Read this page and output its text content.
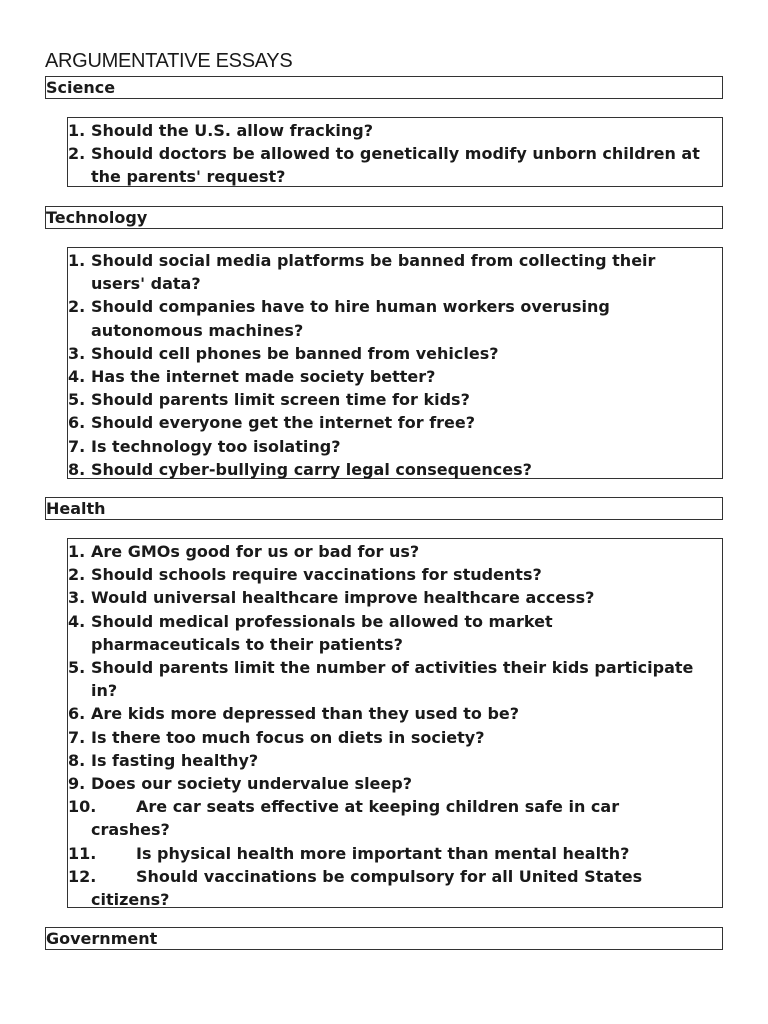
ARGUMENTATIVE ESSAYS
Science
1. Should the U.S. allow fracking?
2. Should doctors be allowed to genetically modify unborn children at
the parents' request?
Technology
1. Should social media platforms be banned from collecting their
users' data?
2. Should companies have to hire human workers overusing
autonomous machines?
3. Should cell phones be banned from vehicles?
4. Has the internet made society better?
5. Should parents limit screen time for kids?
6. Should everyone get the internet for free?
7. Is technology too isolating?
8. Should cyber-bullying carry legal consequences?
Health
1. Are GMOs good for us or bad for us?
2. Should schools require vaccinations for students?
3. Would universal healthcare improve healthcare access?
4. Should medical professionals be allowed to market
pharmaceuticals to their patients?
5. Should parents limit the number of activities their kids participate
in?
6. Are kids more depressed than they used to be?
7. Is there too much focus on diets in society?
8. Is fasting healthy?
9. Does our society undervalue sleep?
10. Are car seats effective at keeping children safe in car
crashes?
11. Is physical health more important than mental health?
12. Should vaccinations be compulsory for all United States
citizens?
Government
